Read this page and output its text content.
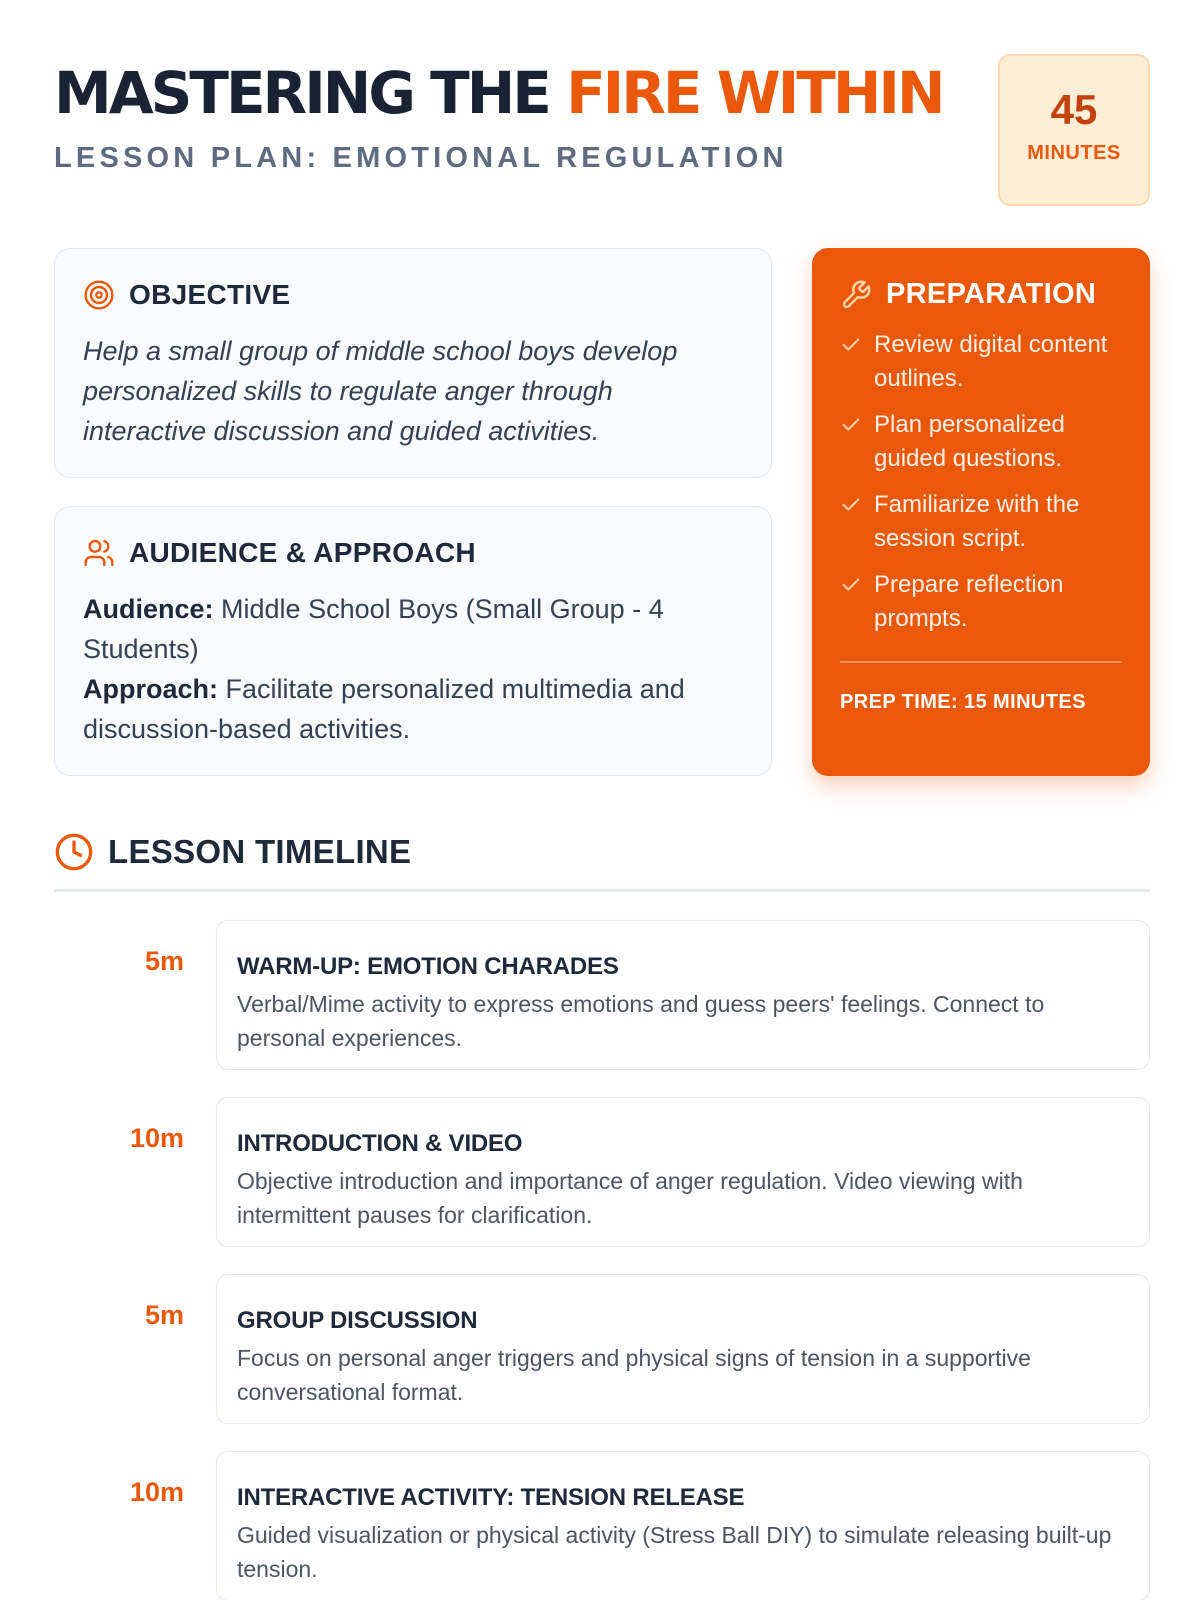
MASTERING THE FIRE WITHIN
LESSON PLAN: EMOTIONAL REGULATION
45
MINUTES
OBJECTIVE

Help a small group of middle school boys develop personalized skills to regulate anger through interactive discussion and guided activities.

AUDIENCE & APPROACH

Audience: Middle School Boys (Small Group - 4 Students)
Approach: Facilitate personalized multimedia and discussion-based activities.

PREPARATION
Review digital content outlines.
Plan personalized guided questions.
Familiarize with the session script.
Prepare reflection prompts.
PREP TIME: 15 MINUTES
LESSON TIMELINE
5m WARM-UP: EMOTION CHARADES

Verbal/Mime activity to express emotions and guess peers' feelings. Connect to personal experiences.

10m INTRODUCTION & VIDEO

Objective introduction and importance of anger regulation. Video viewing with intermittent pauses for clarification.

5m GROUP DISCUSSION

Focus on personal anger triggers and physical signs of tension in a supportive conversational format.

10m INTERACTIVE ACTIVITY: TENSION RELEASE

Guided visualization or physical activity (Stress Ball DIY) to simulate releasing built-up tension.
